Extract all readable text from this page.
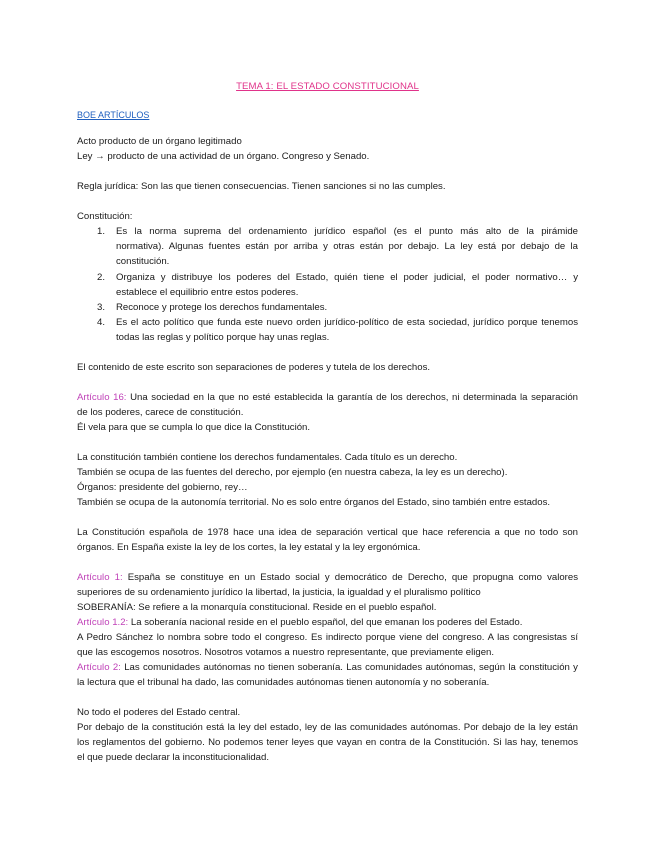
TEMA 1: EL ESTADO CONSTITUCIONAL
BOE ARTÍCULOS
Acto producto de un órgano legitimado
Ley → producto de una actividad de un órgano. Congreso y Senado.
Regla jurídica: Son las que tienen consecuencias. Tienen sanciones si no las cumples.
Constitución:
1. Es la norma suprema del ordenamiento jurídico español (es el punto más alto de la pirámide
normativa). Algunas fuentes están por arriba y otras están por debajo. La ley está por debajo de la
constitución.
2. Organiza y distribuye los poderes del Estado, quién tiene el poder judicial, el poder normativo… y
establece el equilibrio entre estos poderes.
3. Reconoce y protege los derechos fundamentales.
4. Es el acto político que funda este nuevo orden jurídico-político de esta sociedad, jurídico porque tenemos
todas las reglas y político porque hay unas reglas.
El contenido de este escrito son separaciones de poderes y tutela de los derechos.
Artículo 16: Una sociedad en la que no esté establecida la garantía de los derechos, ni determinada la separación
de los poderes, carece de constitución.
Él vela para que se cumpla lo que dice la Constitución.
La constitución también contiene los derechos fundamentales. Cada título es un derecho.
También se ocupa de las fuentes del derecho, por ejemplo (en nuestra cabeza, la ley es un derecho).
Órganos: presidente del gobierno, rey…
También se ocupa de la autonomía territorial. No es solo entre órganos del Estado, sino también entre estados.
La Constitución española de 1978 hace una idea de separación vertical que hace referencia a que no todo son
órganos. En España existe la ley de los cortes, la ley estatal y la ley ergonómica.
Artículo 1: España se constituye en un Estado social y democrático de Derecho, que propugna como valores
superiores de su ordenamiento jurídico la libertad, la justicia, la igualdad y el pluralismo político
SOBERANÍA: Se refiere a la monarquía constitucional. Reside en el pueblo español.
Artículo 1.2: La soberanía nacional reside en el pueblo español, del que emanan los poderes del Estado.
A Pedro Sánchez lo nombra sobre todo el congreso. Es indirecto porque viene del congreso. A las congresistas sí
que las escogemos nosotros. Nosotros votamos a nuestro representante, que previamente eligen.
Artículo 2: Las comunidades autónomas no tienen soberanía. Las comunidades autónomas, según la constitución y
la lectura que el tribunal ha dado, las comunidades autónomas tienen autonomía y no soberanía.
No todo el poderes del Estado central.
Por debajo de la constitución está la ley del estado, ley de las comunidades autónomas. Por debajo de la ley están
los reglamentos del gobierno. No podemos tener leyes que vayan en contra de la Constitución. Si las hay, tenemos
el que puede declarar la inconstitucionalidad.
